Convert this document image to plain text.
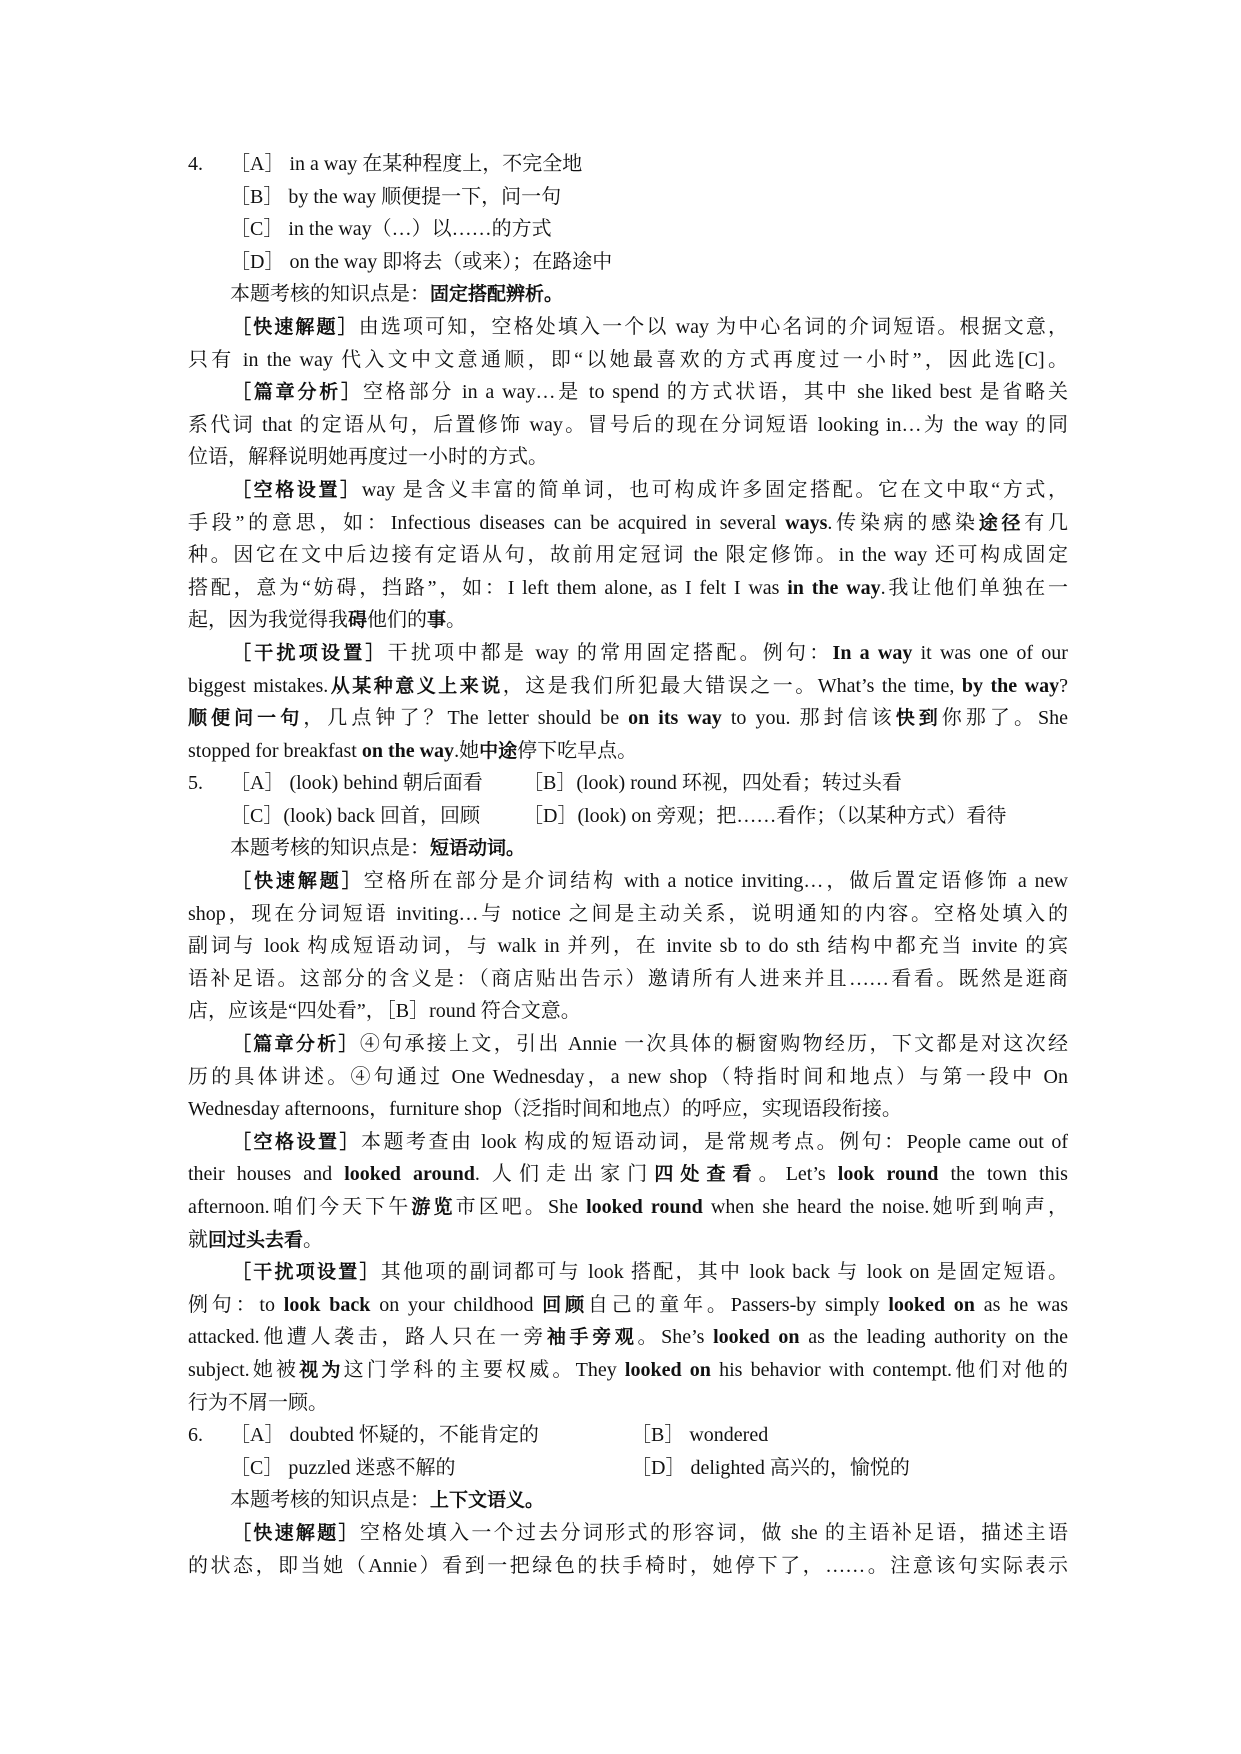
4. ［A］ in a way 在某种程度上，不完全地
［B］ by the way 顺便提一下，问一句
［C］ in the way（…）以……的方式
［D］ on the way 即将去（或来）；在路途中
本题考核的知识点是：固定搭配辨析。
［快速解题］由选项可知，空格处填入一个以 way 为中心名词的介词短语。根据文意，
只有 in the way 代入文中文意通顺，即“以她最喜欢的方式再度过一小时”，因此选[C]。
［篇章分析］空格部分 in a way…是 to spend 的方式状语，其中 she liked best 是省略关
系代词 that 的定语从句，后置修饰 way。冒号后的现在分词短语 looking in…为 the way 的同
位语，解释说明她再度过一小时的方式。
［空格设置］way 是含义丰富的简单词，也可构成许多固定搭配。它在文中取“方式，
手段”的意思，如：Infectious diseases can be acquired in several ways.传染病的感染途径有几
种。因它在文中后边接有定语从句，故前用定冠词 the 限定修饰。in the way 还可构成固定
搭配，意为“妨碍，挡路”，如：I left them alone, as I felt I was in the way.我让他们单独在一
起，因为我觉得我碍他们的事。
［干扰项设置］干扰项中都是 way 的常用固定搭配。例句：In a way it was one of our
biggest mistakes.从某种意义上来说，这是我们所犯最大错误之一。What’s the time, by the way?
顺便问一句，几点钟了？The letter should be on its way to you. 那封信该快到你那了。She
stopped for breakfast on the way.她中途停下吃早点。
5. ［A］ (look) behind 朝后面看 ［B］(look) round 环视，四处看；转过头看
［C］(look) back 回首，回顾 ［D］(look) on 旁观；把……看作；（以某种方式）看待
本题考核的知识点是：短语动词。
［快速解题］空格所在部分是介词结构 with a notice inviting…，做后置定语修饰 a new
shop，现在分词短语 inviting…与 notice 之间是主动关系，说明通知的内容。空格处填入的
副词与 look 构成短语动词，与 walk in 并列，在 invite sb to do sth 结构中都充当 invite 的宾
语补足语。这部分的含义是：（商店贴出告示）邀请所有人进来并且……看看。既然是逛商
店，应该是“四处看”，［B］round 符合文意。
［篇章分析］④句承接上文，引出 Annie 一次具体的橱窗购物经历，下文都是对这次经
历的具体讲述。④句通过 One Wednesday，a new shop（特指时间和地点）与第一段中 On
Wednesday afternoons，furniture shop（泛指时间和地点）的呼应，实现语段衔接。
［空格设置］本题考查由 look 构成的短语动词，是常规考点。例句：People came out of
their houses and looked around. 人们走出家门四处查看。Let’s look round the town this
afternoon.咱们今天下午游览市区吧。She looked round when she heard the noise.她听到响声，
就回过头去看。
［干扰项设置］其他项的副词都可与 look 搭配，其中 look back 与 look on 是固定短语。
例句：to look back on your childhood 回顾自己的童年。Passers-by simply looked on as he was
attacked.他遭人袭击，路人只在一旁袖手旁观。She’s looked on as the leading authority on the
subject.她被视为这门学科的主要权威。They looked on his behavior with contempt.他们对他的
行为不屑一顾。
6. ［A］ doubted 怀疑的，不能肯定的	［B］ wondered
［C］ puzzled 迷惑不解的	［D］ delighted 高兴的，愉悦的
本题考核的知识点是：上下文语义。
［快速解题］空格处填入一个过去分词形式的形容词，做 she 的主语补足语，描述主语
的状态，即当她（Annie）看到一把绿色的扶手椅时，她停下了，……。注意该句实际表示
